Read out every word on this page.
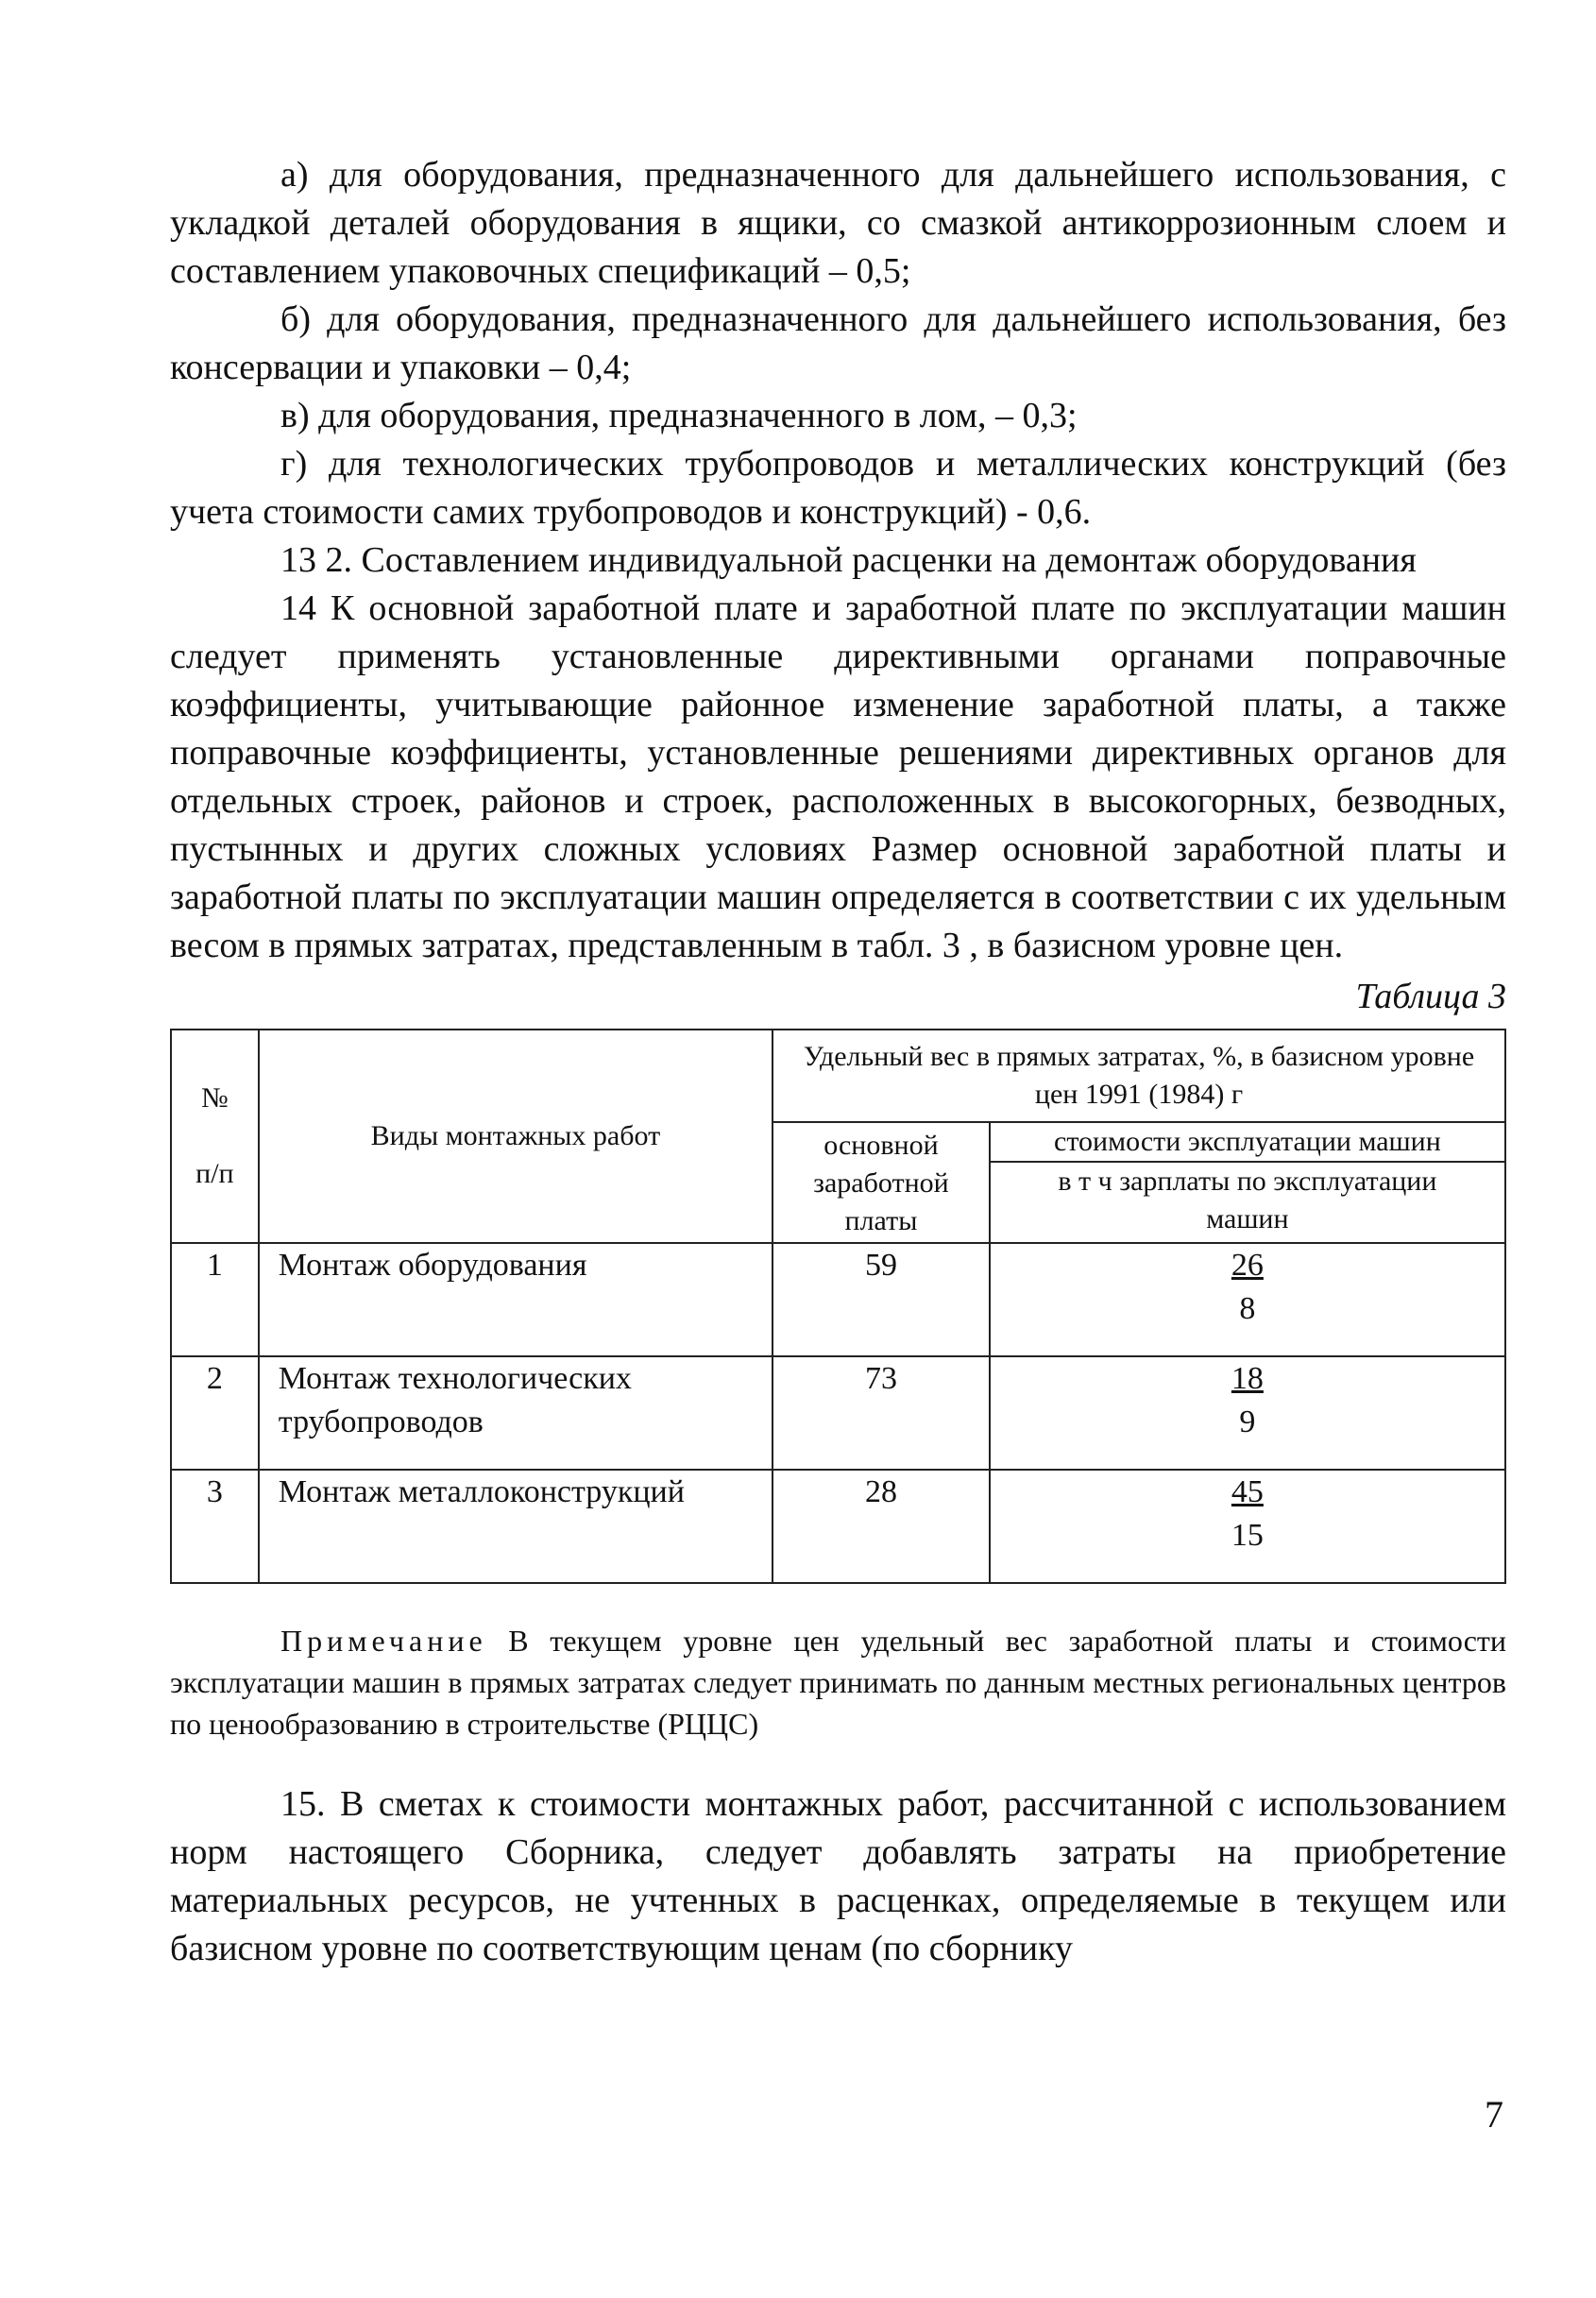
а) для оборудования, предназначенного для дальнейшего использования, с укладкой деталей оборудования в ящики, со смазкой антикоррозионным слоем и составлением упаковочных спецификаций – 0,5;

б) для оборудования, предназначенного для дальнейшего использования, без консервации и упаковки – 0,4;

в) для оборудования, предназначенного в лом, – 0,3;

г) для технологических трубопроводов и металлических конструкций (без учета стоимости самих трубопроводов и конструкций) - 0,6.

13 2. Составлением индивидуальной расценки на демонтаж оборудования

14 К основной заработной плате и заработной плате по эксплуатации машин следует применять установленные директивными органами поправочные коэффициенты, учитывающие районное изменение заработной платы, а также поправочные коэффициенты, установленные решениями директивных органов для отдельных строек, районов и строек, расположенных в высокогорных, безводных, пустынных и других сложных условиях Размер основной заработной платы и заработной платы по эксплуатации машин определяется в соответствии с их удельным весом в прямых затратах, представленным в табл. 3 , в базисном уровне цен.

Таблица 3
№

п/п	Виды монтажных работ	Удельный вес в прямых затратах, %, в базисном уровне цен 1991 (1984) г	
		основной заработной платы	стоимости эксплуатации машин
			в т ч зарплаты по эксплуатации машин
1	Монтаж оборудования	59	$\frac{26}{8}$

2	Монтаж технологических трубопроводов	73	$\frac{18}{9}$

3	Монтаж металлоконструкций	28	$\frac{45}{15}$

Примечание В текущем уровне цен удельный вес заработной платы и стоимости эксплуатации машин в прямых затратах следует принимать по данным местных региональных центров по ценообразованию в строительстве (РЦЦС)

15. В сметах к стоимости монтажных работ, рассчитанной с использованием норм настоящего Сборника, следует добавлять затраты на приобретение материальных ресурсов, не учтенных в расценках, определяемые в текущем или базисном уровне по соответствующим ценам (по сборнику

7
